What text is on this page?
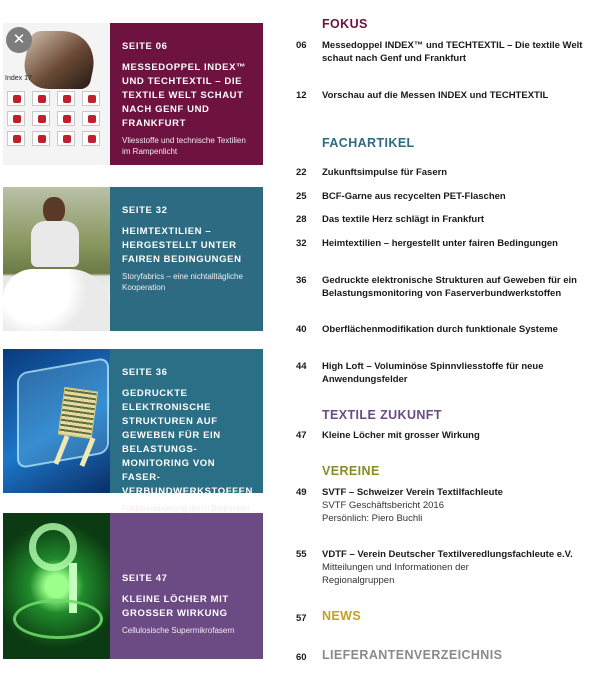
✕
Index 17
SEITE 06
MESSEDOPPEL INDEX™ UND TECHTEXTIL – DIE TEXTILE WELT SCHAUT NACH GENF UND FRANKFURT
Vliesstoffe und technische Textilien im Rampenlicht
SEITE 32
HEIMTEXTILIEN – HERGESTELLT UNTER FAIREN BEDINGUNGEN
Storyfabrics – eine nichtalltägliche Kooperation
SEITE 36
GEDRUCKTE ELEKTRONISCHE STRUKTUREN AUF GEWEBEN FÜR EIN BELASTUNGS-MONITORING VON FASER-VERBUNDWERKSTOFFEN
Funktionalisierung durch Bedrucken
SEITE 47
KLEINE LÖCHER MIT GROSSER WIRKUNG
Cellulosische Supermikrofasern
FOKUS
06	Messedoppel INDEX™ und TECHTEXTIL – Die textile Welt schaut nach Genf und Frankfurt
12	Vorschau auf die Messen INDEX und TECHTEXTIL
FACHARTIKEL
22	Zukunftsimpulse für Fasern
25	BCF-Garne aus recycelten PET-Flaschen
28	Das textile Herz schlägt in Frankfurt
32	Heimtextilien – hergestellt unter fairen Bedingungen
36	Gedruckte elektronische Strukturen auf Geweben für ein Belastungsmonitoring von Faserverbundwerkstoffen
40	Oberflächenmodifikation durch funktionale Systeme
44	High Loft – Voluminöse Spinnvliesstoffe für neue Anwendungsfelder
TEXTILE ZUKUNFT
47	Kleine Löcher mit grosser Wirkung
VEREINE
49	SVTF – Schweizer Verein Textilfachleute
SVTF Geschäftsbericht 2016 Persönlich: Piero Buchli
55	VDTF – Verein Deutscher Textilveredlungsfachleute e.V.
Mitteilungen und Informationen der Regionalgruppen
57 NEWS
60 LIEFERANTENVERZEICHNIS
